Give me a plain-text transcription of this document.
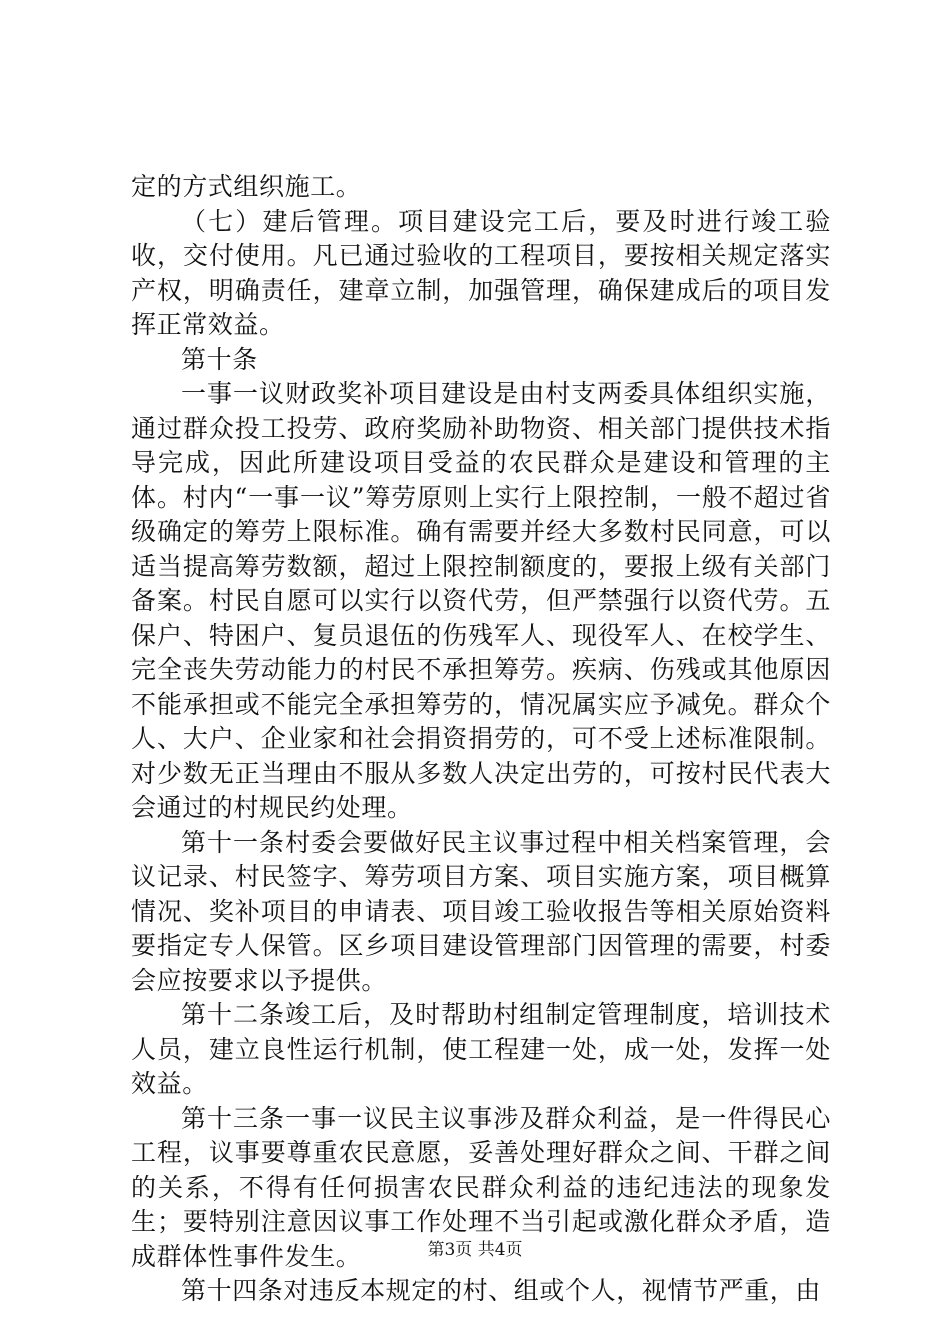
定的方式组织施工。

（七）建后管理。项目建设完工后，要及时进行竣工验收，交付使用。凡已通过验收的工程项目，要按相关规定落实产权，明确责任，建章立制，加强管理，确保建成后的项目发挥正常效益。

第十条

一事一议财政奖补项目建设是由村支两委具体组织实施，通过群众投工投劳、政府奖励补助物资、相关部门提供技术指导完成，因此所建设项目受益的农民群众是建设和管理的主体。村内“一事一议”筹劳原则上实行上限控制，一般不超过省级确定的筹劳上限标准。确有需要并经大多数村民同意，可以适当提高筹劳数额，超过上限控制额度的，要报上级有关部门备案。村民自愿可以实行以资代劳，但严禁强行以资代劳。五保户、特困户、复员退伍的伤残军人、现役军人、在校学生、完全丧失劳动能力的村民不承担筹劳。疾病、伤残或其他原因不能承担或不能完全承担筹劳的，情况属实应予减免。群众个人、大户、企业家和社会捐资捐劳的，可不受上述标准限制。对少数无正当理由不服从多数人决定出劳的，可按村民代表大会通过的村规民约处理。

第十一条村委会要做好民主议事过程中相关档案管理，会议记录、村民签字、筹劳项目方案、项目实施方案，项目概算情况、奖补项目的申请表、项目竣工验收报告等相关原始资料要指定专人保管。区乡项目建设管理部门因管理的需要，村委会应按要求以予提供。

第十二条竣工后，及时帮助村组制定管理制度，培训技术人员，建立良性运行机制，使工程建一处，成一处，发挥一处效益。

第十三条一事一议民主议事涉及群众利益，是一件得民心工程，议事要尊重农民意愿，妥善处理好群众之间、干群之间的关系，不得有任何损害农民群众利益的违纪违法的现象发生；要特别注意因议事工作处理不当引起或激化群众矛盾，造成群体性事件发生。

第十四条对违反本规定的村、组或个人，视情节严重，由

第3页 共4页
